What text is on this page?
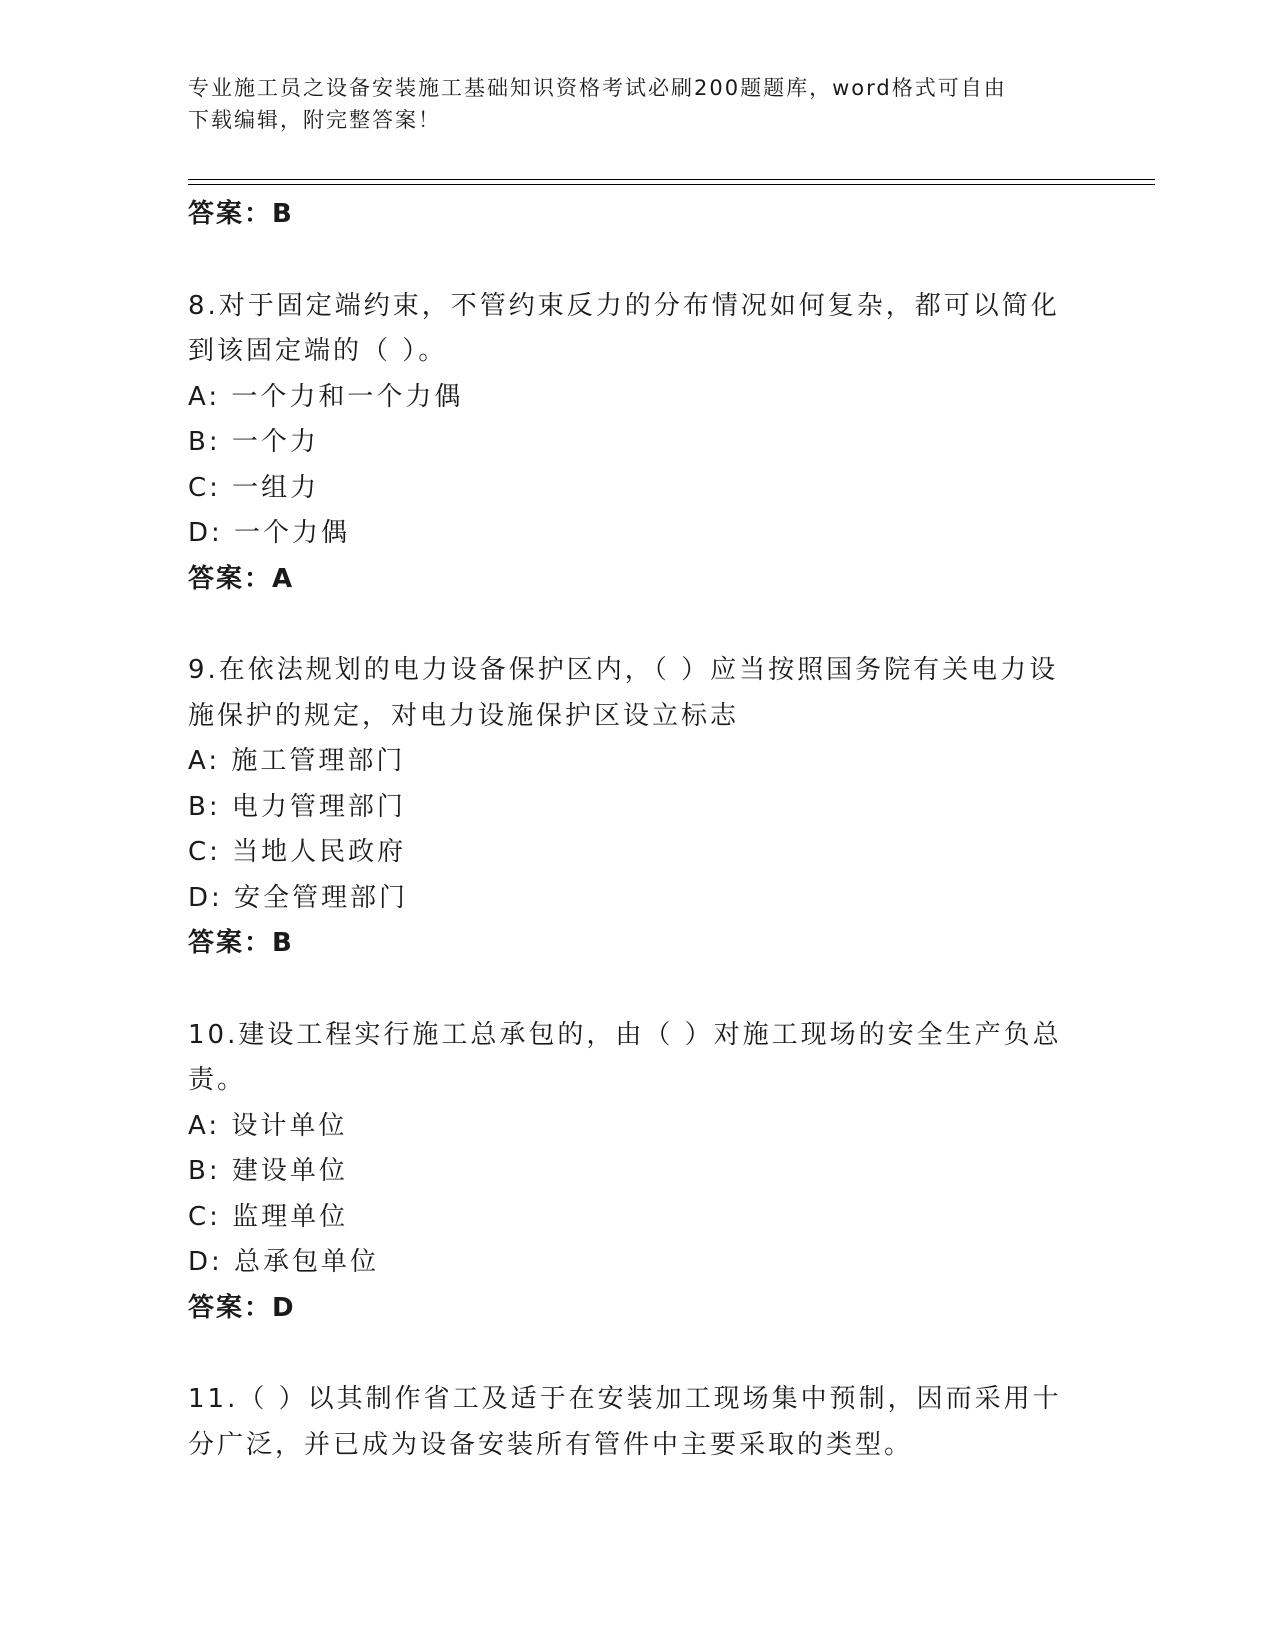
专业施工员之设备安装施工基础知识资格考试必刷200题题库，word格式可自由
下载编辑，附完整答案！
答案：B
8.对于固定端约束，不管约束反力的分布情况如何复杂，都可以简化
到该固定端的（ ）。
A: 一个力和一个力偶
B: 一个力
C: 一组力
D: 一个力偶
答案：A
9.在依法规划的电力设备保护区内，（ ）应当按照国务院有关电力设
施保护的规定，对电力设施保护区设立标志
A: 施工管理部门
B: 电力管理部门
C: 当地人民政府
D: 安全管理部门
答案：B
10.建设工程实行施工总承包的，由（ ）对施工现场的安全生产负总
责。
A: 设计单位
B: 建设单位
C: 监理单位
D: 总承包单位
答案：D
11.（ ）以其制作省工及适于在安装加工现场集中预制，因而采用十
分广泛，并已成为设备安装所有管件中主要采取的类型。
